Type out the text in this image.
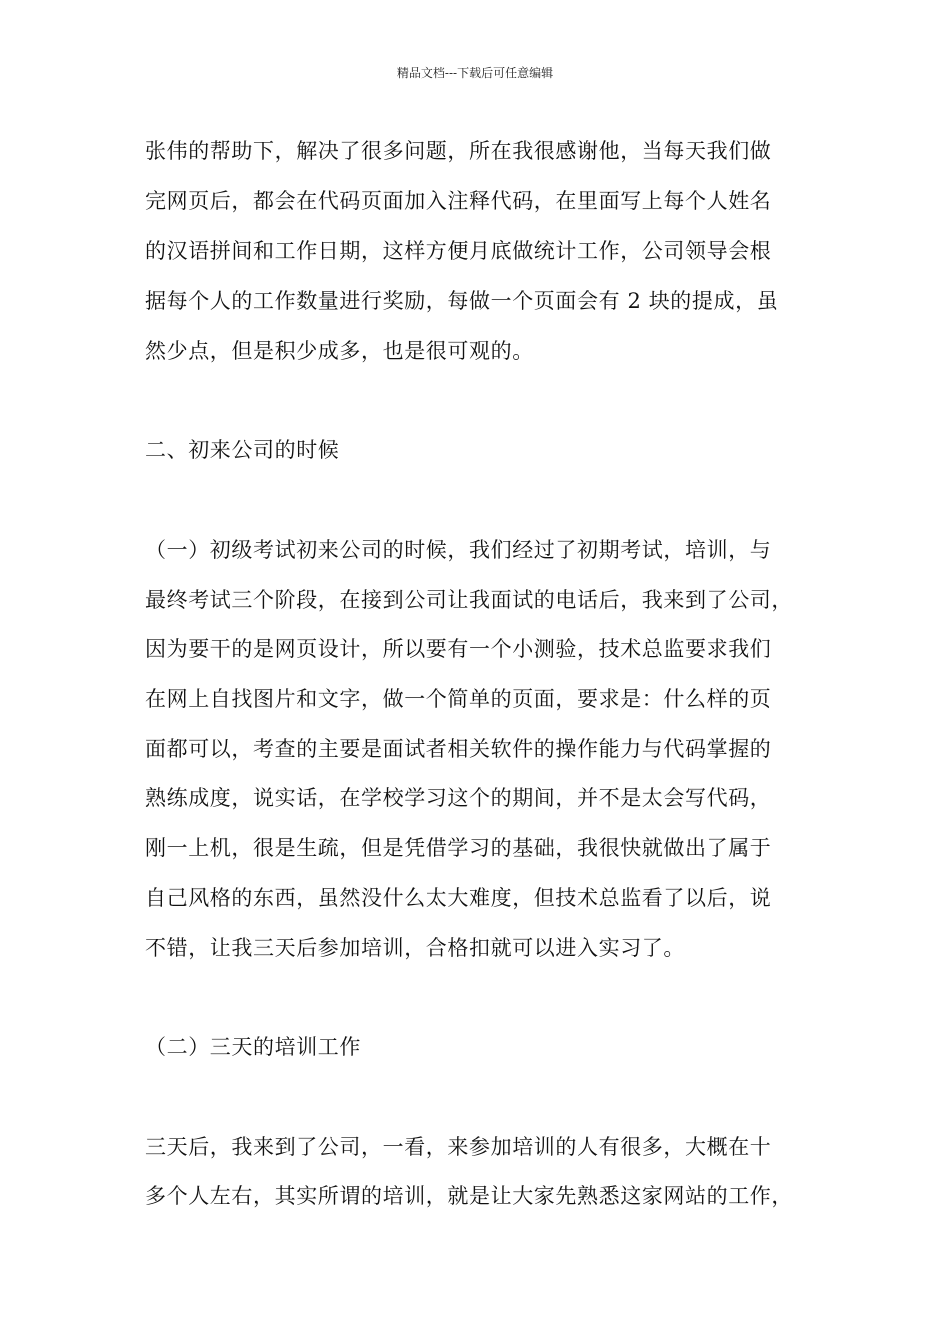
精品文档---下载后可任意编辑
张伟的帮助下，解决了很多问题，所在我很感谢他，当每天我们做
完网页后，都会在代码页面加入注释代码，在里面写上每个人姓名
的汉语拼间和工作日期，这样方便月底做统计工作，公司领导会根
据每个人的工作数量进行奖励，每做一个页面会有 2 块的提成，虽
然少点，但是积少成多，也是很可观的。
二、初来公司的时候
（一）初级考试初来公司的时候，我们经过了初期考试，培训，与
最终考试三个阶段，在接到公司让我面试的电话后，我来到了公司，
因为要干的是网页设计，所以要有一个小测验，技术总监要求我们
在网上自找图片和文字，做一个简单的页面，要求是：什么样的页
面都可以，考查的主要是面试者相关软件的操作能力与代码掌握的
熟练成度，说实话，在学校学习这个的期间，并不是太会写代码，
刚一上机，很是生疏，但是凭借学习的基础，我很快就做出了属于
自己风格的东西，虽然没什么太大难度，但技术总监看了以后，说
不错，让我三天后参加培训，合格扣就可以进入实习了。
（二）三天的培训工作
三天后，我来到了公司，一看，来参加培训的人有很多，大概在十
多个人左右，其实所谓的培训，就是让大家先熟悉这家网站的工作，
